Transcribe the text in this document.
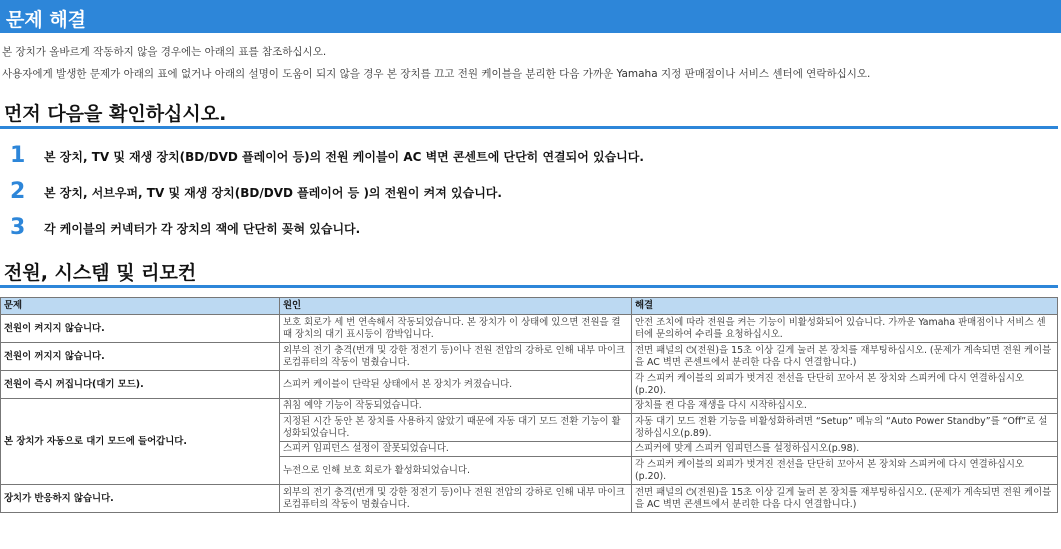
문제 해결
본 장치가 올바르게 작동하지 않을 경우에는 아래의 표를 참조하십시오.
사용자에게 발생한 문제가 아래의 표에 없거나 아래의 설명이 도움이 되지 않을 경우 본 장치를 끄고 전원 케이블을 분리한 다음 가까운 Yamaha 지정 판매점이나 서비스 센터에 연락하십시오.
먼저 다음을 확인하십시오.
1 본 장치, TV 및 재생 장치(BD/DVD 플레이어 등)의 전원 케이블이 AC 벽면 콘센트에 단단히 연결되어 있습니다.
2 본 장치, 서브우퍼, TV 및 재생 장치(BD/DVD 플레이어 등 )의 전원이 켜져 있습니다.
3 각 케이블의 커넥터가 각 장치의 잭에 단단히 꽂혀 있습니다.
전원, 시스템 및 리모컨
문제	원인	해결
전원이 켜지지 않습니다.	보호 회로가 세 번 연속해서 작동되었습니다. 본 장치가 이 상태에 있으면 전원을 켤 때 장치의 대기 표시등이 깜박입니다.	안전 조치에 따라 전원을 켜는 기능이 비활성화되어 있습니다. 가까운 Yamaha 판매점이나 서비스 센터에 문의하여 수리를 요청하십시오.
전원이 꺼지지 않습니다.	외부의 전기 충격(번개 및 강한 정전기 등)이나 전원 전압의 강하로 인해 내부 마이크로컴퓨터의 작동이 멈췄습니다.	전면 패널의 ⏻(전원)을 15초 이상 길게 눌러 본 장치를 재부팅하십시오. (문제가 계속되면 전원 케이블을 AC 벽면 콘센트에서 분리한 다음 다시 연결합니다.)
전원이 즉시 꺼집니다(대기 모드).	스피커 케이블이 단락된 상태에서 본 장치가 켜졌습니다.	각 스피커 케이블의 외피가 벗겨진 전선을 단단히 꼬아서 본 장치와 스피커에 다시 연결하십시오(p.20).
본 장치가 자동으로 대기 모드에 들어갑니다.	취침 예약 기능이 작동되었습니다.	장치를 켠 다음 재생을 다시 시작하십시오.
	지정된 시간 동안 본 장치를 사용하지 않았기 때문에 자동 대기 모드 전환 기능이 활성화되었습니다.	자동 대기 모드 전환 기능을 비활성화하려면 “Setup” 메뉴의 “Auto Power Standby”를 “Off”로 설정하십시오(p.89).
	스피커 임피던스 설정이 잘못되었습니다.	스피커에 맞게 스피커 임피던스를 설정하십시오(p.98).
	누전으로 인해 보호 회로가 활성화되었습니다.	각 스피커 케이블의 외피가 벗겨진 전선을 단단히 꼬아서 본 장치와 스피커에 다시 연결하십시오(p.20).
장치가 반응하지 않습니다.	외부의 전기 충격(번개 및 강한 정전기 등)이나 전원 전압의 강하로 인해 내부 마이크로컴퓨터의 작동이 멈췄습니다.	전면 패널의 ⏻(전원)을 15초 이상 길게 눌러 본 장치를 재부팅하십시오. (문제가 계속되면 전원 케이블을 AC 벽면 콘센트에서 분리한 다음 다시 연결합니다.)
